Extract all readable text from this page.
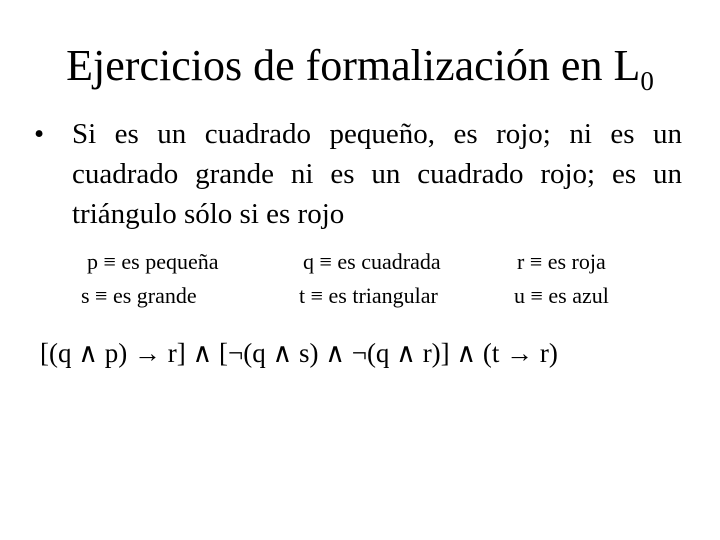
Ejercicios de formalización en $L_0$
• Si es un cuadrado pequeño, es rojo; ni es un cuadrado grande ni es un cuadrado rojo; es un triángulo sólo si es rojo
p ≡ es pequeña	q ≡ es cuadrada	r ≡ es roja
s ≡ es grande	t ≡ es triangular	u ≡ es azul
[(q ∧ p) → r] ∧ [¬(q ∧ s) ∧ ¬(q ∧ r)] ∧ (t → r)
